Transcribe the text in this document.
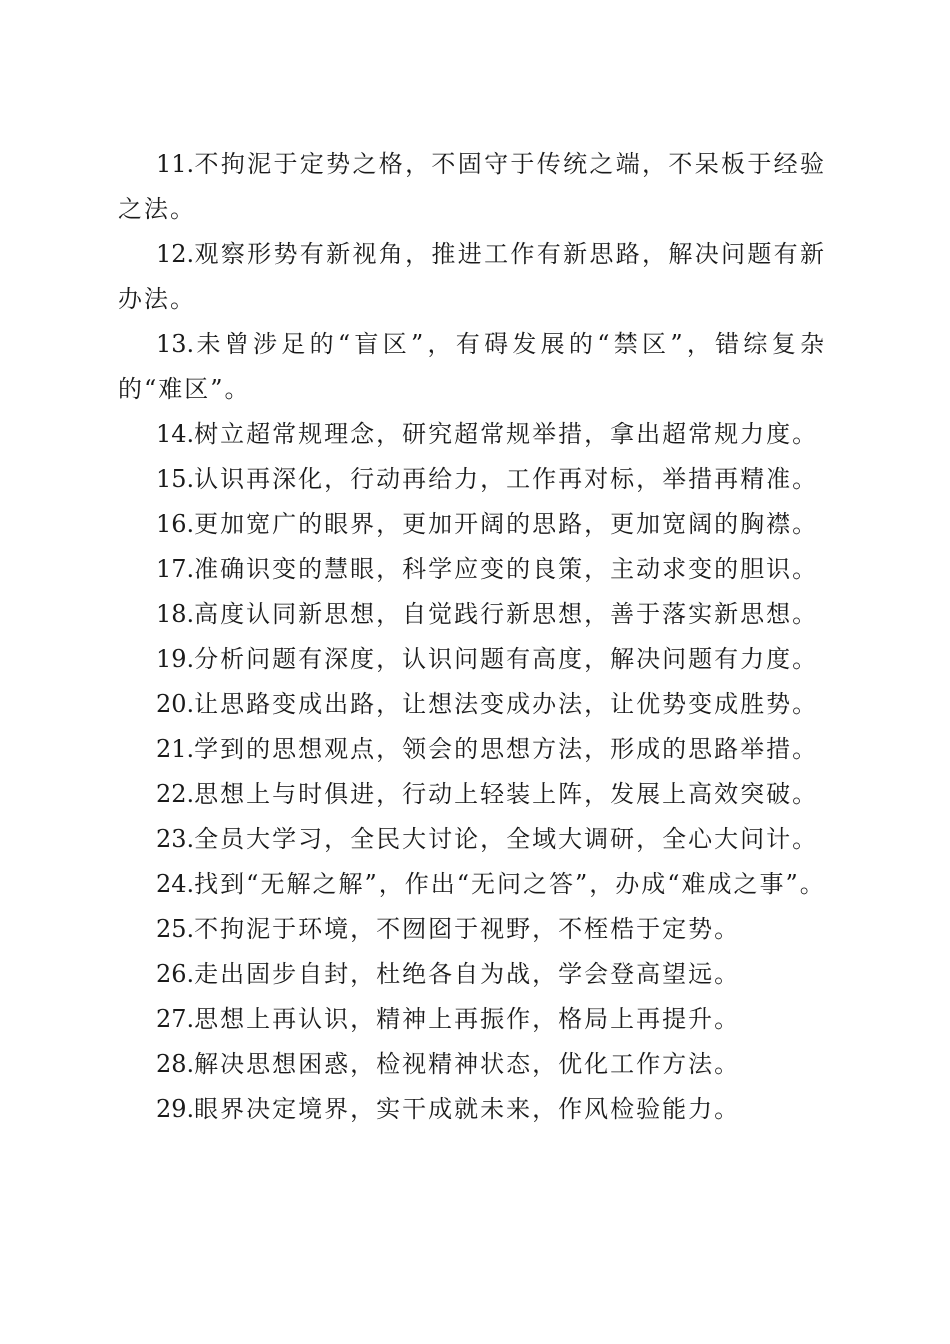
11.不拘泥于定势之格，不固守于传统之端，不呆板于经验之法。

12.观察形势有新视角，推进工作有新思路，解决问题有新办法。

13.未曾涉足的“盲区”，有碍发展的“禁区”，错综复杂的“难区”。

14.树立超常规理念，研究超常规举措，拿出超常规力度。

15.认识再深化，行动再给力，工作再对标，举措再精准。

16.更加宽广的眼界，更加开阔的思路，更加宽阔的胸襟。

17.准确识变的慧眼，科学应变的良策，主动求变的胆识。

18.高度认同新思想，自觉践行新思想，善于落实新思想。

19.分析问题有深度，认识问题有高度，解决问题有力度。

20.让思路变成出路，让想法变成办法，让优势变成胜势。

21.学到的思想观点，领会的思想方法，形成的思路举措。

22.思想上与时俱进，行动上轻装上阵，发展上高效突破。

23.全员大学习，全民大讨论，全域大调研，全心大问计。

24.找到“无解之解”，作出“无问之答”，办成“难成之事”。

25.不拘泥于环境，不囫囵于视野，不桎梏于定势。

26.走出固步自封，杜绝各自为战，学会登高望远。

27.思想上再认识，精神上再振作，格局上再提升。

28.解决思想困惑，检视精神状态，优化工作方法。

29.眼界决定境界，实干成就未来，作风检验能力。
